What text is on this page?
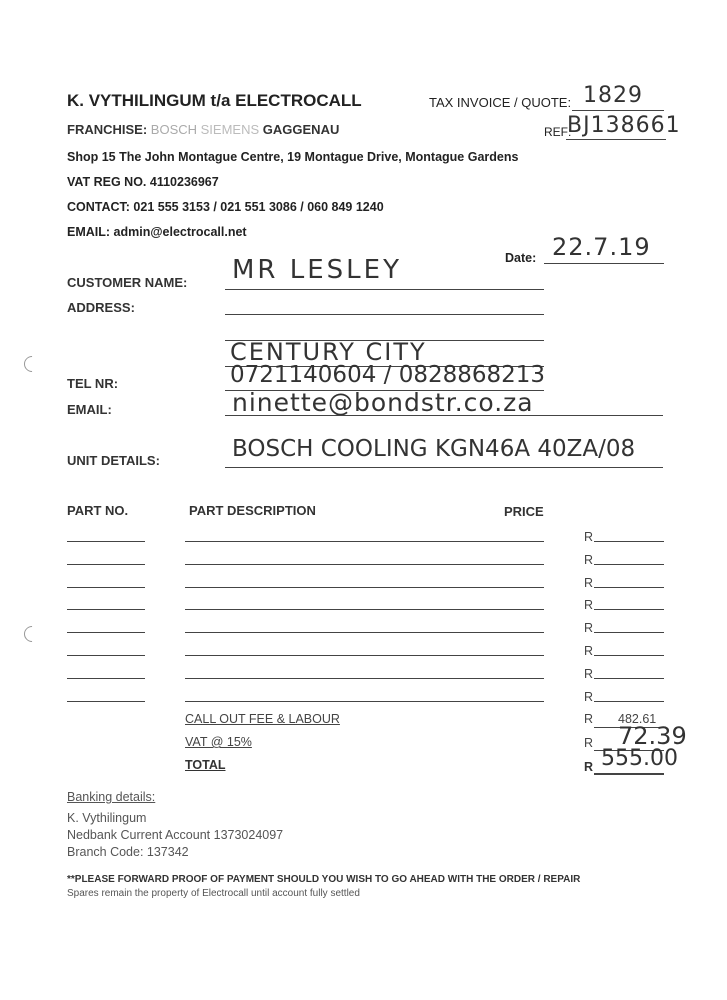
K. VYTHILINGUM t/a ELECTROCALL	TAX INVOICE / QUOTE: 1829
FRANCHISE: BOSCH SIEMENS GAGGENAU	REF:
BJ138661
Shop 15 The John Montague Centre, 19 Montague Drive, Montague Gardens
VAT REG NO. 4110236967
CONTACT: 021 555 3153 / 021 551 3086 / 060 849 1240
EMAIL: admin@electrocall.net
Date: 22.7.19
CUSTOMER NAME: MR LESLEY
ADDRESS:
CENTURY CITY
TEL NR:	0721140604 / 0828868213
EMAIL:	ninette@bondstr.co.za
UNIT DETAILS:	BOSCH COOLING KGN46A 40ZA/08
PART NO.	PART DESCRIPTION	PRICE
R
R
R
R
R
R
R
R
CALL OUT FEE & LABOUR	R 482.61
VAT @ 15%	R 72.39
TOTAL	R 555.00
Banking details:
K. Vythilingum
Nedbank Current Account 1373024097
Branch Code: 137342
**PLEASE FORWARD PROOF OF PAYMENT SHOULD YOU WISH TO GO AHEAD WITH THE ORDER / REPAIR
Spares remain the property of Electrocall until account fully settled
